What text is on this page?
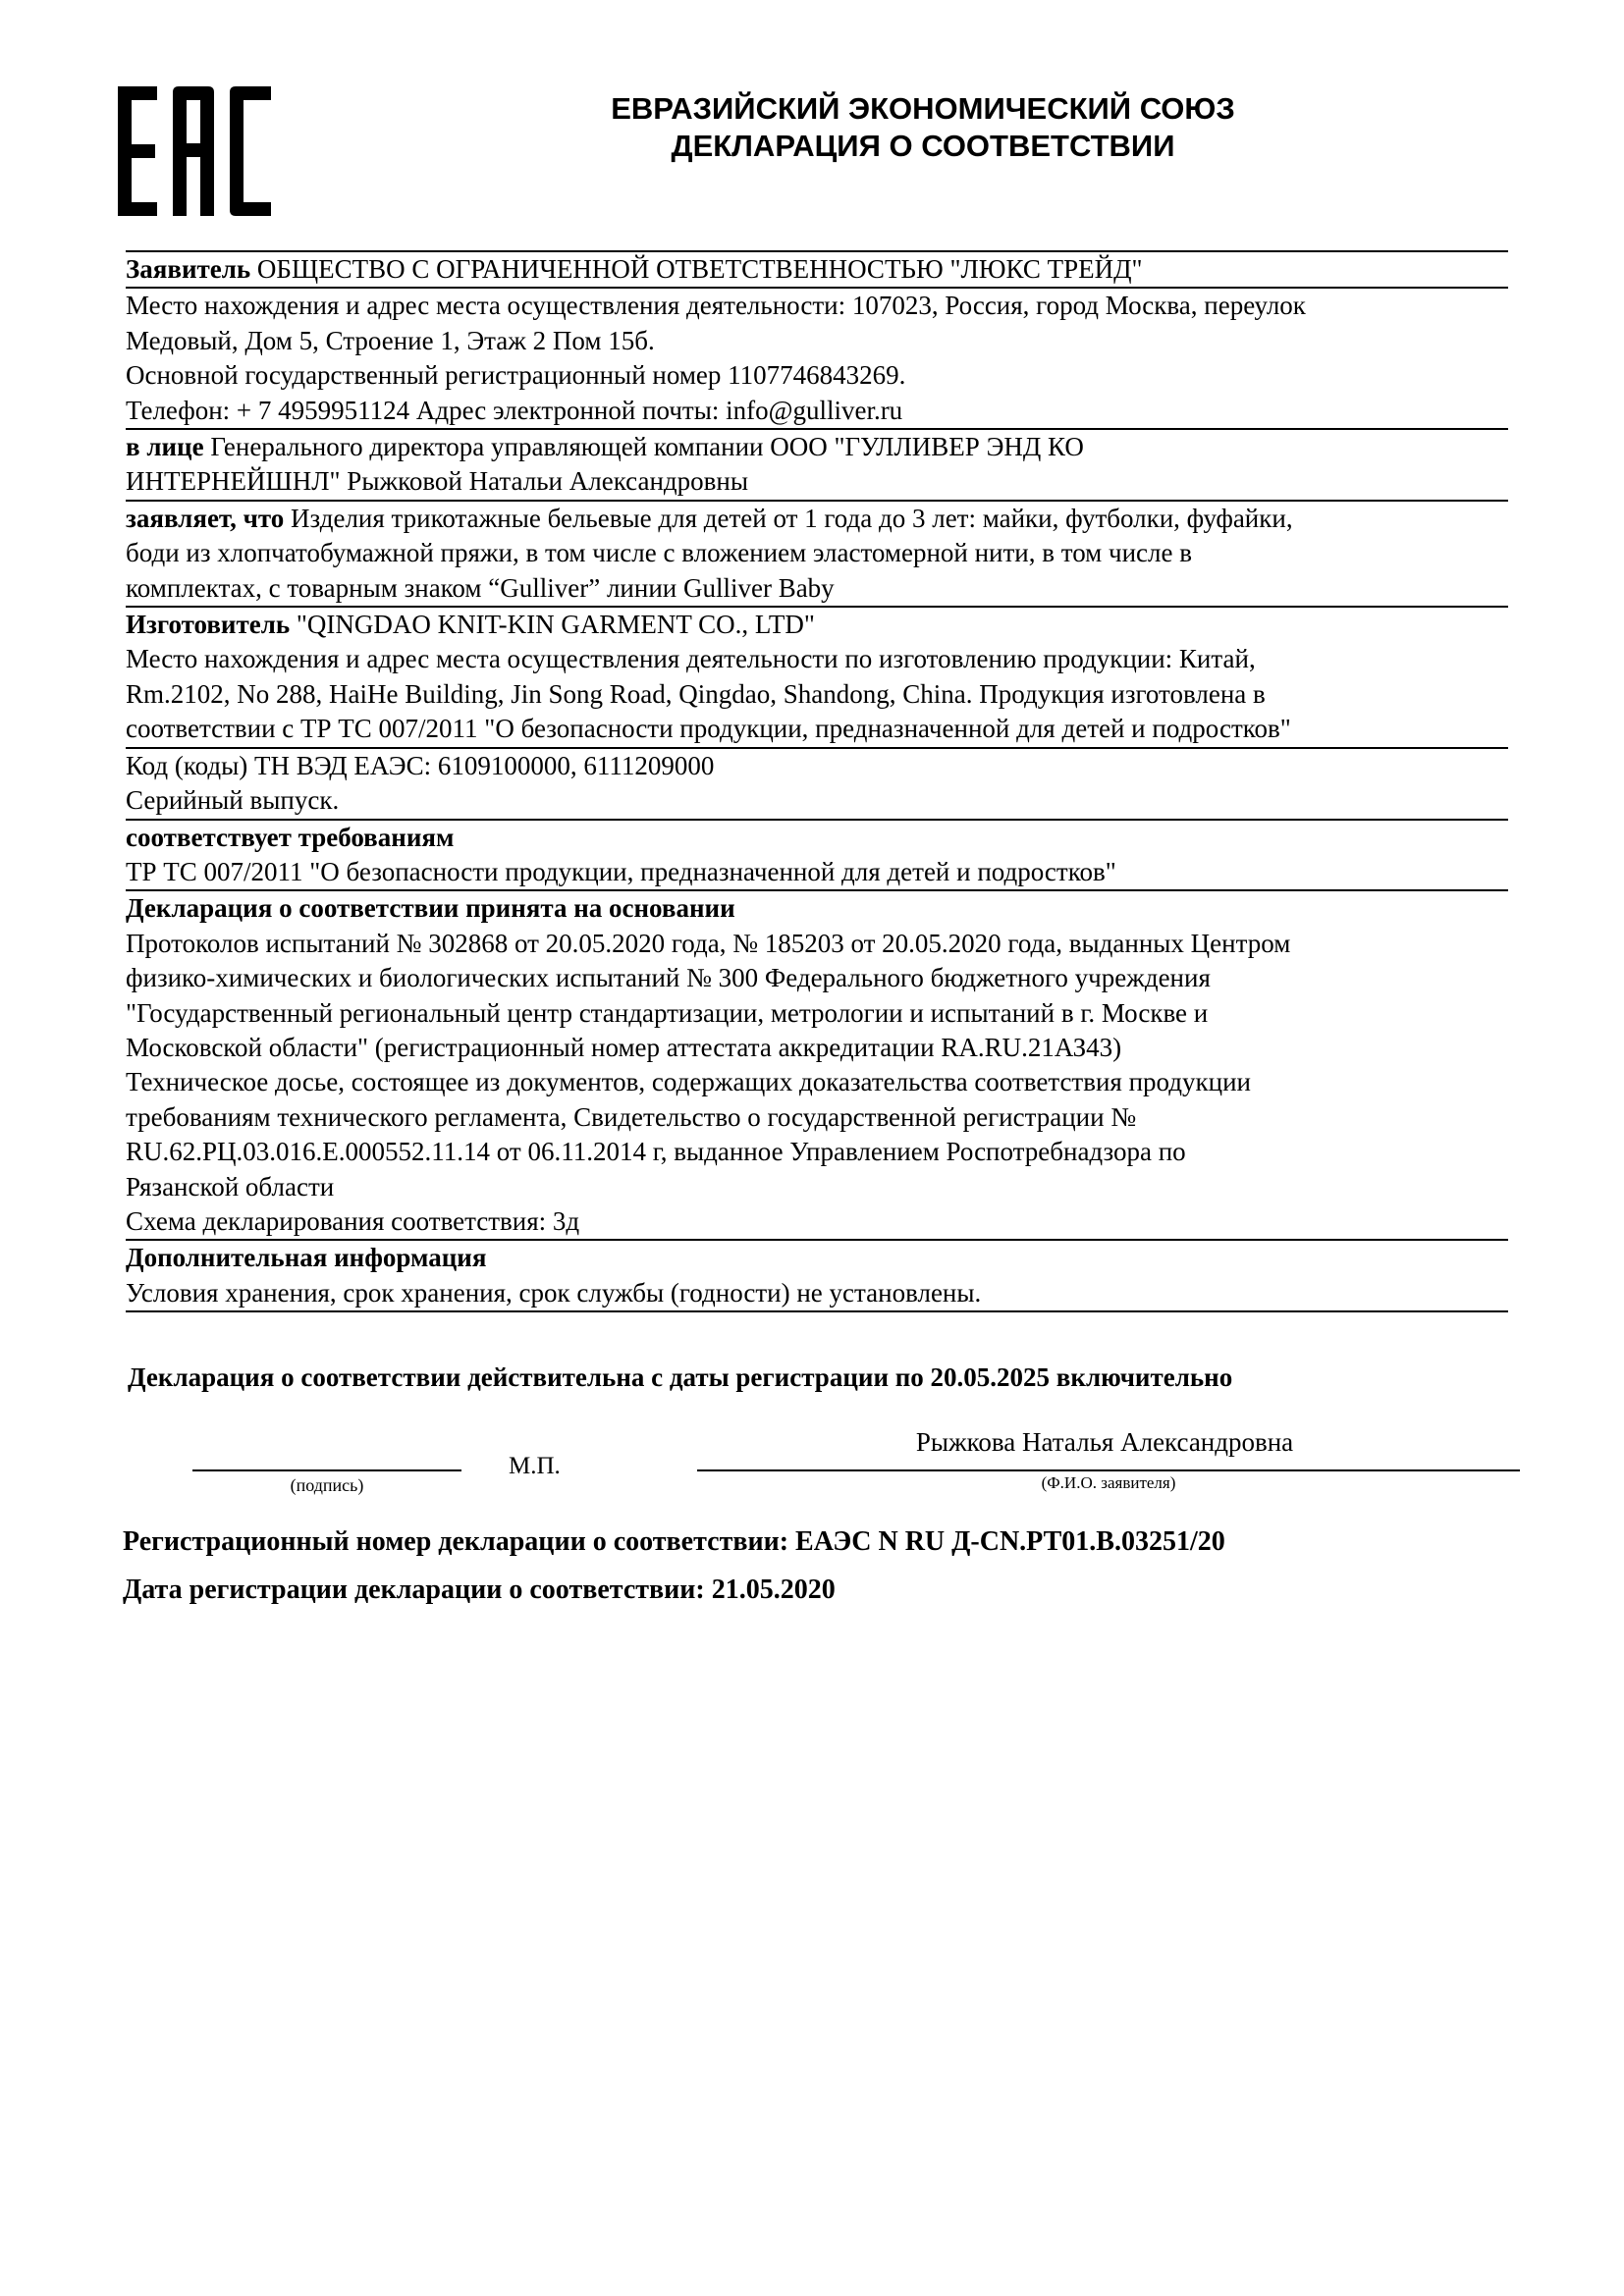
ЕВРАЗИЙСКИЙ ЭКОНОМИЧЕСКИЙ СОЮЗ
ДЕКЛАРАЦИЯ О СООТВЕТСТВИИ

Заявитель ОБЩЕСТВО С ОГРАНИЧЕННОЙ ОТВЕТСТВЕННОСТЬЮ "ЛЮКС ТРЕЙД"

Место нахождения и адрес места осуществления деятельности: 107023, Россия, город Москва, переулок

Медовый, Дом 5, Строение 1, Этаж 2 Пом 15б.

Основной государственный регистрационный номер 1107746843269.

Телефон: + 7 4959951124 Адрес электронной почты: info@gulliver.ru

в лице Генерального директора управляющей компании ООО "ГУЛЛИВЕР ЭНД КО

ИНТЕРНЕЙШНЛ" Рыжковой Натальи Александровны

заявляет, что Изделия трикотажные бельевые для детей от 1 года до 3 лет: майки, футболки, фуфайки,

боди из хлопчатобумажной пряжи, в том числе с вложением эластомерной нити, в том числе в

комплектах, с товарным знаком “Gulliver” линии Gulliver Baby

Изготовитель "QINGDAO KNIT-KIN GARMENT CO., LTD"

Место нахождения и адрес места осуществления деятельности по изготовлению продукции: Китай,

Rm.2102, No 288, HaiHe Building, Jin Song Road, Qingdao, Shandong, China. Продукция изготовлена в

соответствии с ТР ТС 007/2011 "О безопасности продукции, предназначенной для детей и подростков"

Код (коды) ТН ВЭД ЕАЭС: 6109100000, 6111209000

Серийный выпуск.

соответствует требованиям

ТР ТС 007/2011 "О безопасности продукции, предназначенной для детей и подростков"

Декларация о соответствии принята на основании

Протоколов испытаний № 302868 от 20.05.2020 года, № 185203 от 20.05.2020 года, выданных Центром

физико-химических и биологических испытаний № 300 Федерального бюджетного учреждения

"Государственный региональный центр стандартизации, метрологии и испытаний в г. Москве и

Московской области" (регистрационный номер аттестата аккредитации RA.RU.21АЗ43)

Техническое досье, состоящее из документов, содержащих доказательства соответствия продукции

требованиям технического регламента, Свидетельство о государственной регистрации №

RU.62.РЦ.03.016.Е.000552.11.14 от 06.11.2014 г, выданное Управлением Роспотребнадзора по

Рязанской области

Схема декларирования соответствия: 3д

Дополнительная информация

Условия хранения, срок хранения, срок службы (годности) не установлены.

Декларация о соответствии действительна с даты регистрации по 20.05.2025 включительно
(подпись)
М.П.
Рыжкова Наталья Александровна
(Ф.И.О. заявителя)
Регистрационный номер декларации о соответствии: ЕАЭС N RU Д-CN.РТ01.В.03251/20
Дата регистрации декларации о соответствии: 21.05.2020
